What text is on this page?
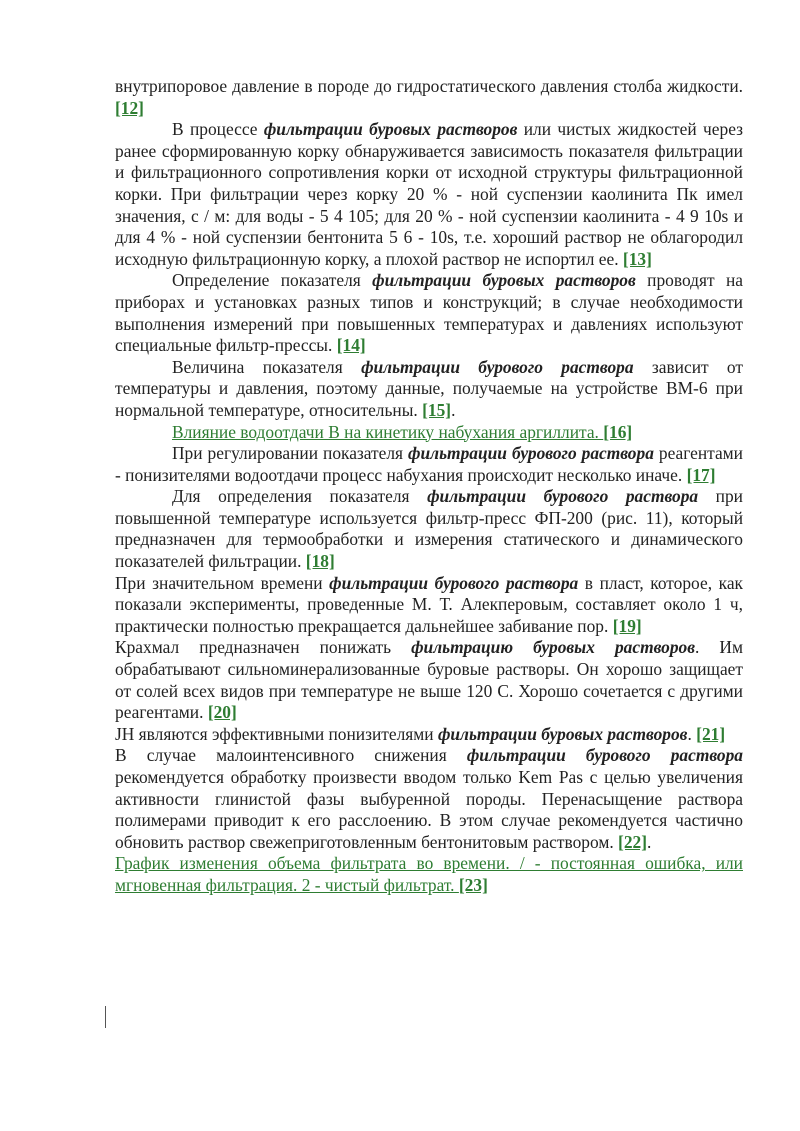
внутрипоровое давление в породе до гидростатического давления столба жидкости. [12]

В процессе фильтрации буровых растворов или чистых жидкостей через ранее сформированную корку обнаруживается зависимость показателя фильтрации и фильтрационного сопротивления корки от исходной структуры фильтрационной корки. При фильтрации через корку 20 % - ной суспензии каолинита Пк имел значения, с / м: для воды - 5 4 105; для 20 % - ной суспензии каолинита - 4 9 10s и для 4 % - ной суспензии бентонита 5 6 - 10s, т.е. хороший раствор не облагородил исходную фильтрационную корку, а плохой раствор не испортил ее. [13]

Определение показателя фильтрации буровых растворов проводят на приборах и установках разных типов и конструкций; в случае необходимости выполнения измерений при повышенных температурах и давлениях используют специальные фильтр-прессы. [14]

Величина показателя фильтрации бурового раствора зависит от температуры и давления, поэтому данные, получаемые на устройстве ВМ-6 при нормальной температуре, относительны. [15].

Влияние водоотдачи В на кинетику набухания аргиллита. [16]

При регулировании показателя фильтрации бурового раствора реагентами - понизителями водоотдачи процесс набухания происходит несколько иначе. [17]

Для определения показателя фильтрации бурового раствора при повышенной температуре используется фильтр-пресс ФП-200 (рис. 11), который предназначен для термообработки и измерения статического и динамического показателей фильтрации. [18]

При значительном времени фильтрации бурового раствора в пласт, которое, как показали эксперименты, проведенные М. Т. Алекперовым, составляет около 1 ч, практически полностью прекращается дальнейшее забивание пор. [19]

Крахмал предназначен понижать фильтрацию буровых растворов. Им обрабатывают сильноминерализованные буровые растворы. Он хорошо защищает от солей всех видов при температуре не выше 120 С. Хорошо сочетается с другими реагентами. [20]

JH являются эффективными понизителями фильтрации буровых растворов. [21]

В случае малоинтенсивного снижения фильтрации бурового раствора рекомендуется обработку произвести вводом только Kem Pas с целью увеличения активности глинистой фазы выбуренной породы. Перенасыщение раствора полимерами приводит к его расслоению. В этом случае рекомендуется частично обновить раствор свежеприготовленным бентонитовым раствором. [22].

График изменения объема фильтрата во времени. / - постоянная ошибка, или мгновенная фильтрация. 2 - чистый фильтрат. [23]
